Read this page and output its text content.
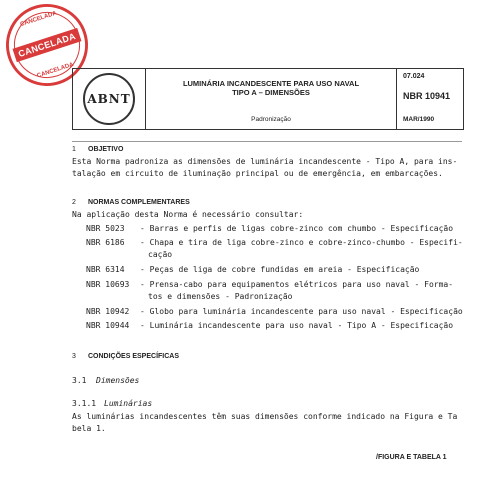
CANCELADA
CANCELADA
CANCELADA
ABNT
LUMINÁRIA INCANDESCENTE PARA USO NAVAL
TIPO A – DIMENSÕES
Padronização
07.024
NBR 10941
MAR/1990
1 OBJETIVO
Esta Norma padroniza as dimensões de luminária incandescente - Tipo A, para ins-
talação em circuito de iluminação principal ou de emergência, em embarcações.
2 NORMAS COMPLEMENTARES
Na aplicação desta Norma é necessário consultar:
NBR 5023 - Barras e perfis de ligas cobre-zinco com chumbo - Especificação
NBR 6186 - Chapa e tira de liga cobre-zinco e cobre-zinco-chumbo - Especifi-
cação
NBR 6314 - Peças de liga de cobre fundidas em areia - Especificação
NBR 10693 - Prensa-cabo para equipamentos elétricos para uso naval - Forma-
tos e dimensões - Padronização
NBR 10942 - Globo para luminária incandescente para uso naval - Especificação
NBR 10944 - Luminária incandescente para uso naval - Tipo A - Especificação
3 CONDIÇÕES ESPECÍFICAS
3.1 Dimensões
3.1.1 Luminárias
As luminárias incandescentes têm suas dimensões conforme indicado na Figura e Ta
bela 1.
/FIGURA E TABELA 1
